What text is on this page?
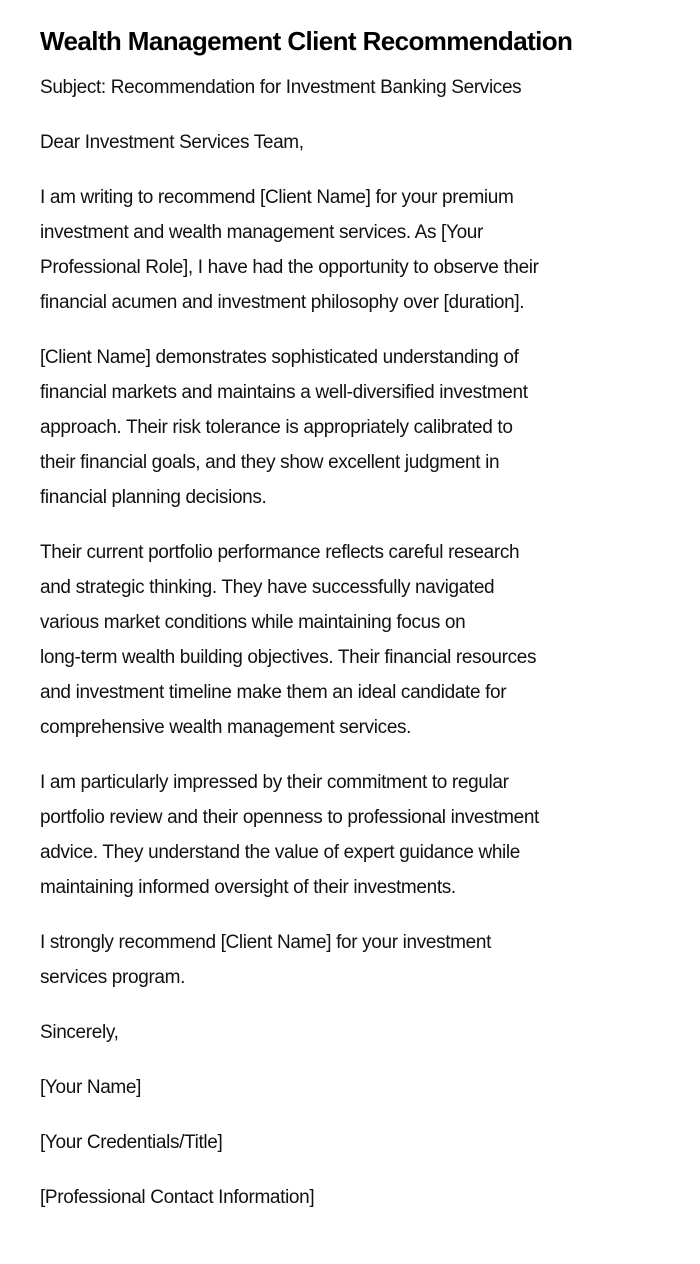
Wealth Management Client Recommendation

Subject: Recommendation for Investment Banking Services

Dear Investment Services Team,

I am writing to recommend [Client Name] for your premium
investment and wealth management services. As [Your
Professional Role], I have had the opportunity to observe their
financial acumen and investment philosophy over [duration].

[Client Name] demonstrates sophisticated understanding of
financial markets and maintains a well-diversified investment
approach. Their risk tolerance is appropriately calibrated to
their financial goals, and they show excellent judgment in
financial planning decisions.

Their current portfolio performance reflects careful research
and strategic thinking. They have successfully navigated
various market conditions while maintaining focus on
long-term wealth building objectives. Their financial resources
and investment timeline make them an ideal candidate for
comprehensive wealth management services.

I am particularly impressed by their commitment to regular
portfolio review and their openness to professional investment
advice. They understand the value of expert guidance while
maintaining informed oversight of their investments.

I strongly recommend [Client Name] for your investment
services program.

Sincerely,

[Your Name]

[Your Credentials/Title]

[Professional Contact Information]
